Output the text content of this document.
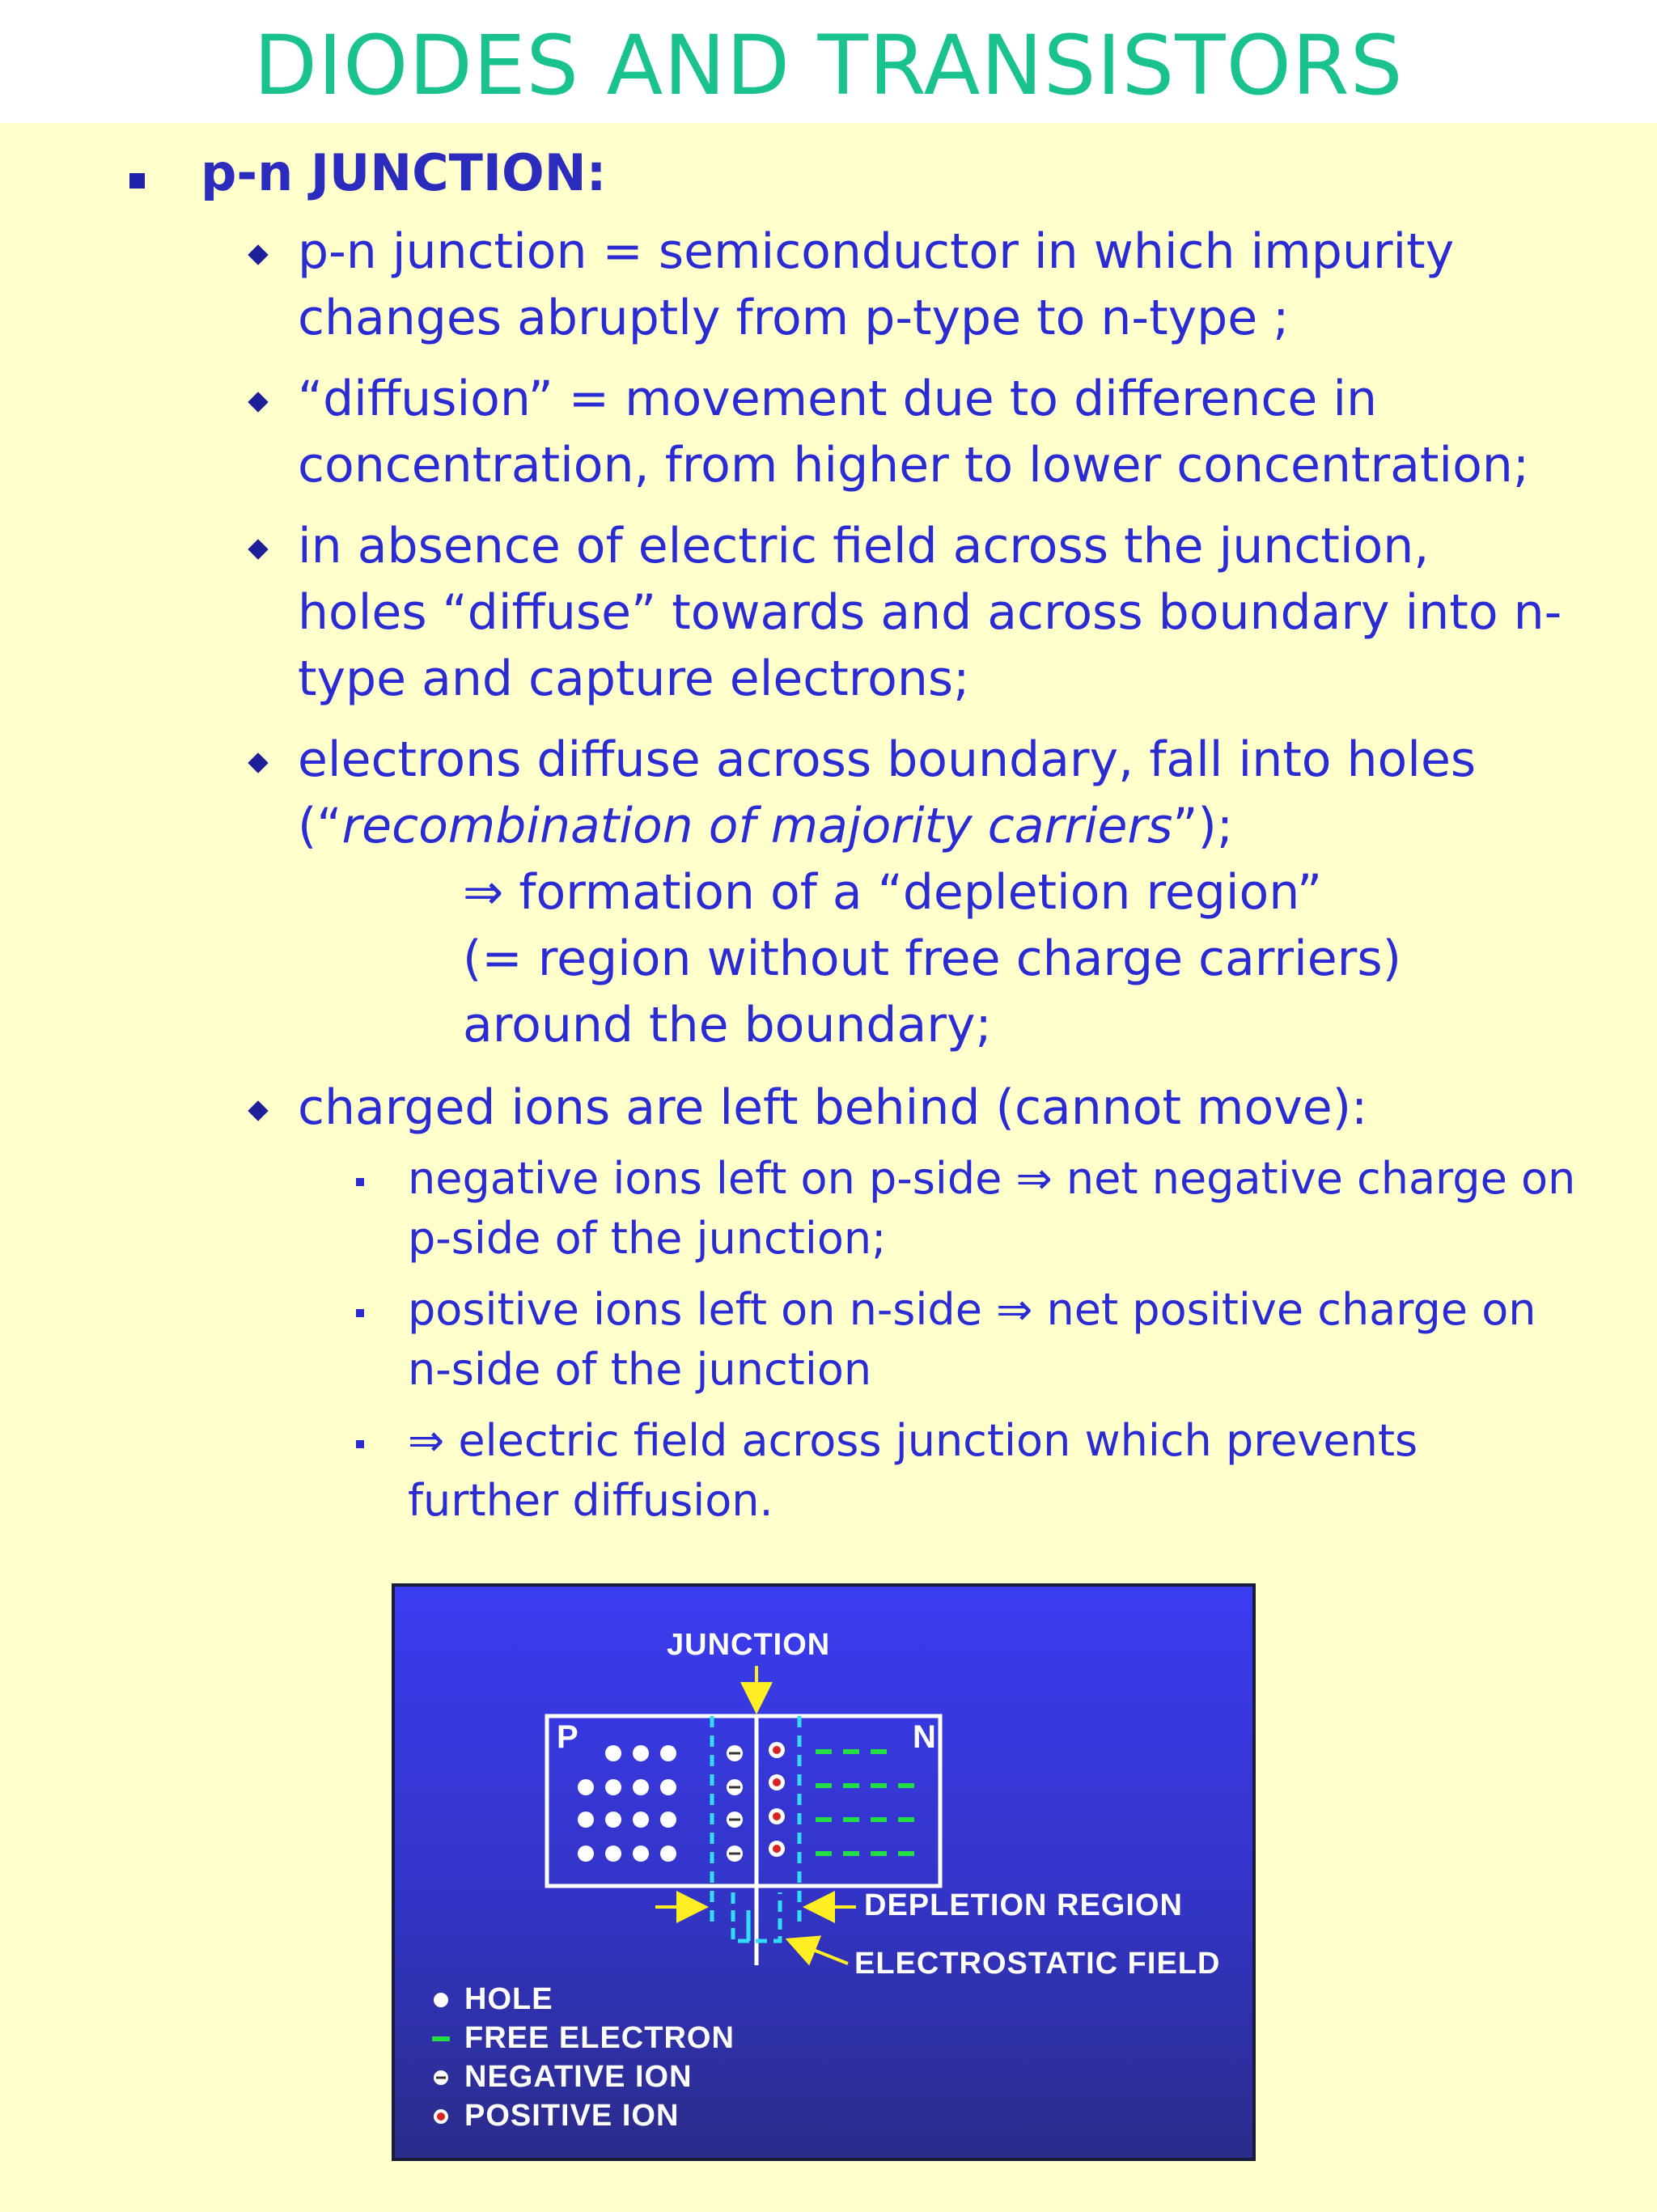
DIODES AND TRANSISTORS
p-n JUNCTION:
p-n junction = semiconductor in which impurity
changes abruptly from p-type to n-type ;
“diffusion” = movement due to difference in
concentration, from higher to lower concentration;
in absence of electric field across the junction,
holes “diffuse” towards and across boundary into n-
type and capture electrons;
electrons diffuse across boundary, fall into holes
(“recombination of majority carriers”);
⇒ formation of a “depletion region”
(= region without free charge carriers)
around the boundary;
charged ions are left behind (cannot move):
negative ions left on p-side ⇒ net negative charge on
p-side of the junction;
positive ions left on n-side ⇒ net positive charge on
n-side of the junction
⇒ electric field across junction which prevents
further diffusion.
JUNCTION
P	N
DEPLETION REGION
ELECTROSTATIC FIELD
HOLE
FREE ELECTRON
NEGATIVE ION
POSITIVE ION
